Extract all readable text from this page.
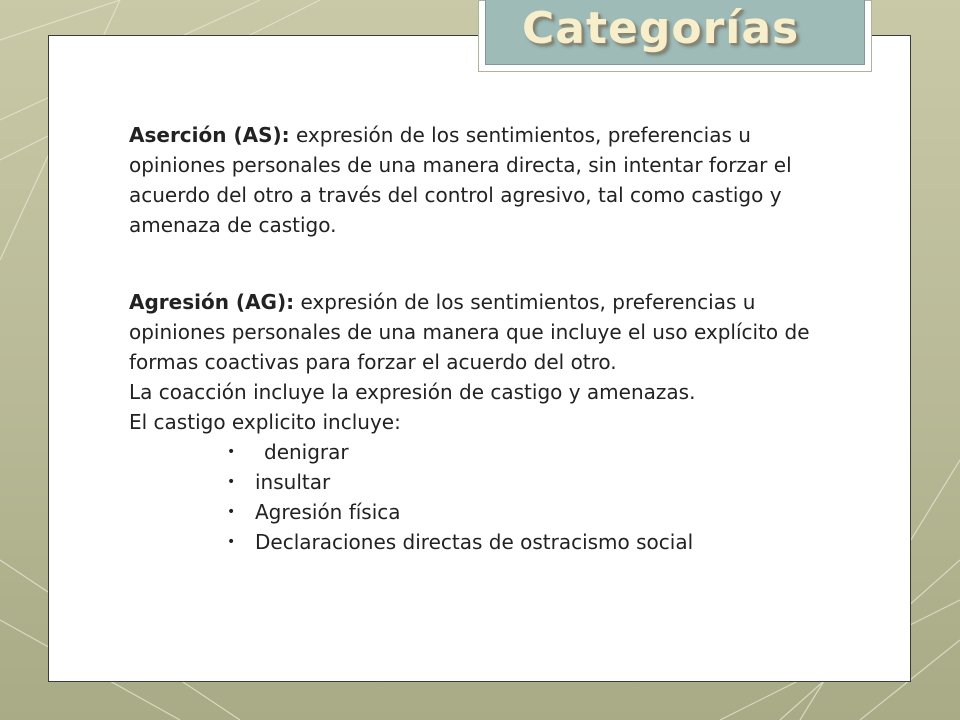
Aserción (AS): expresión de los sentimientos, preferencias u opiniones personales de una manera directa, sin intentar forzar el acuerdo del otro a través del control agresivo, tal como castigo y amenaza de castigo.

Agresión (AG): expresión de los sentimientos, preferencias u opiniones personales de una manera que incluye el uso explícito de formas coactivas para forzar el acuerdo del otro.

La coacción incluye la expresión de castigo y amenazas.

El castigo explicito incluye:

• denigrar
• insultar
• Agresión física
• Declaraciones directas de ostracismo social
Categorías
